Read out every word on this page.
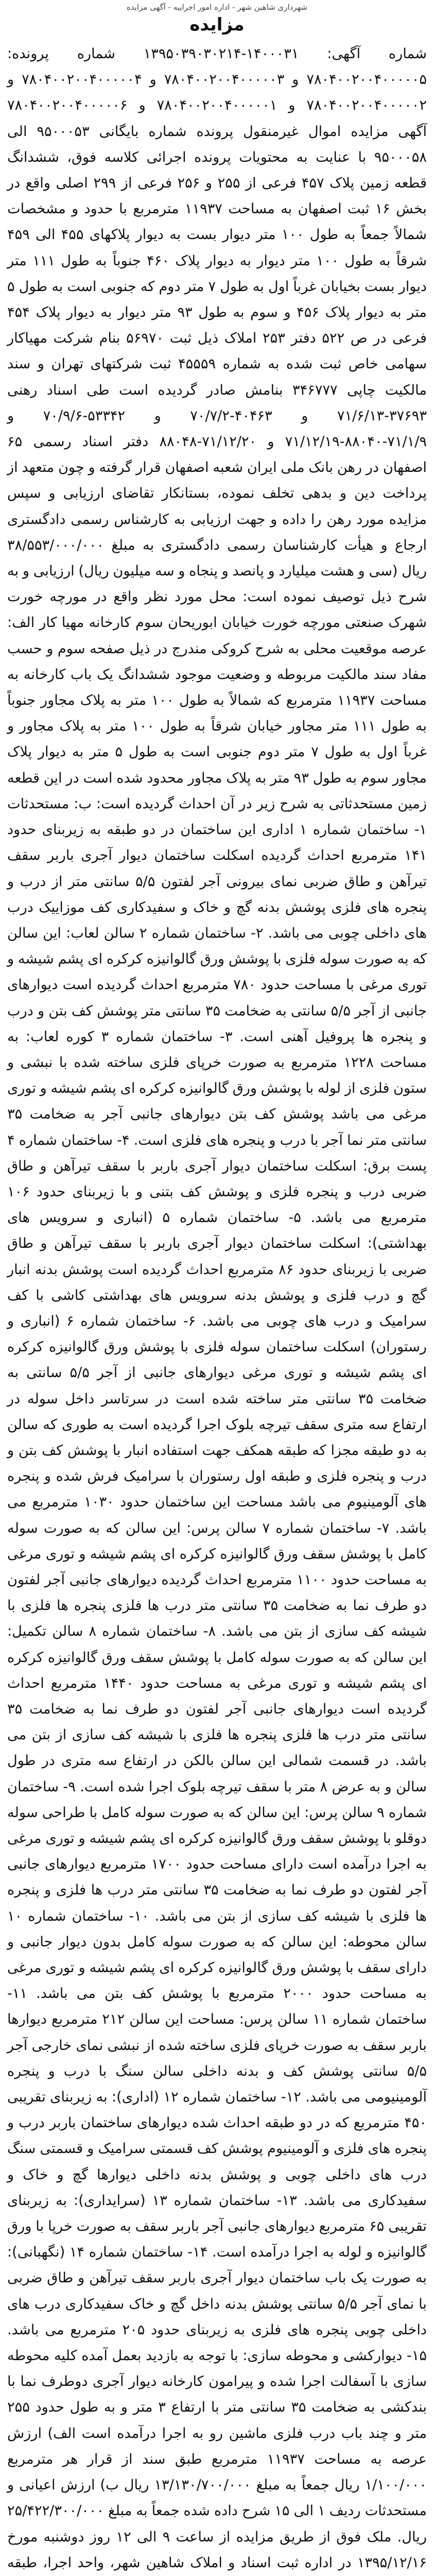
شهرداری شاهین شهر - اداره امور اجراییه - آگهی مزایده
مزایده

شماره آگهی: ۱۴۰۰۰۳۱-۱۳۹۵۰۳۹۰۳۰۲۱۴ شماره پرونده: ۷۸۰۴۰۰۲۰۰۴۰۰۰۰۰۵ و ۷۸۰۴۰۰۲۰۰۴۰۰۰۰۰۳ و ۷۸۰۴۰۰۲۰۰۴۰۰۰۰۰۴ و ۷۸۰۴۰۰۲۰۰۴۰۰۰۰۰۲ و ۷۸۰۴۰۰۲۰۰۴۰۰۰۰۰۱ و ۷۸۰۴۰۰۲۰۰۴۰۰۰۰۰۶ آگهی مزایده اموال غیرمنقول پرونده شماره بایگانی ۹۵۰۰۰۵۳ الی ۹۵۰۰۰۵۸ با عنایت به محتویات پرونده اجرائی کلاسه فوق، ششدانگ قطعه زمین پلاک ۴۵۷ فرعی از ۲۵۵ و ۲۵۶ فرعی از ۲۹۹ اصلی واقع در بخش ۱۶ ثبت اصفهان به مساحت ۱۱۹۳۷ مترمربع با حدود و مشخصات شمالاً جمعاً به طول ۱۰۰ متر دیوار بست به دیوار پلاکهای ۴۵۵ الی ۴۵۹ شرقاً به طول ۱۰۰ متر دیوار به دیوار پلاک ۴۶۰ جنوباً به طول ۱۱۱ متر دیوار بست بخیابان غرباً اول به طول ۷ متر دوم که جنوبی است به طول ۵ متر به دیوار پلاک ۴۵۶ و سوم به طول ۹۳ متر دیوار به دیوار پلاک ۴۵۴ فرعی در ص ۵۲۲ دفتر ۲۵۳ املاک ذیل ثبت ۵۶۹۷۰ بنام شرکت مهیاکار سهامی خاص ثبت شده به شماره ۴۵۵۵۹ ثبت شرکتهای تهران و سند مالکیت چاپی ۳۴۶۷۷۷ بنامش صادر گردیده است طی اسناد رهنی ۳۷۶۹۳-۷۱/۶/۱۳ و ۴۰۴۶۳-۷۰/۷/۲ و ۵۳۳۴۲-۷۰/۹/۶ و ۷۱/۱/۹-۸۸۰۴۰-۷۱/۱۲/۱۹ و ۷۱/۱۲/۲۰-۸۸۰۴۸ دفتر اسناد رسمی ۶۵ اصفهان در رهن بانک ملی ایران شعبه اصفهان قرار گرفته و چون متعهد از پرداخت دین و بدهی تخلف نموده، بستانکار تقاضای ارزیابی و سپس مزایده مورد رهن را داده و جهت ارزیابی به کارشناس رسمی دادگستری ارجاع و هیأت کارشناسان رسمی دادگستری به مبلغ ۳۸/۵۵۳/۰۰۰/۰۰۰ ریال (سی و هشت میلیارد و پانصد و پنجاه و سه میلیون ریال) ارزیابی و به شرح ذیل توصیف نموده است: محل مورد نظر واقع در مورچه خورت شهرک صنعتی مورچه خورت خیابان ابوریحان سوم کارخانه مهیا کار الف: عرصه موقعیت محلی به شرح کروکی مندرج در ذیل صفحه سوم و حسب مفاد سند مالکیت مربوطه و وضعیت موجود ششدانگ یک باب کارخانه به مساحت ۱۱۹۳۷ مترمربع که شمالاً به طول ۱۰۰ متر به پلاک مجاور جنوباً به طول ۱۱۱ متر مجاور خیابان شرقاً به طول ۱۰۰ متر به پلاک مجاور و غرباً اول به طول ۷ متر دوم جنوبی است به طول ۵ متر به دیوار پلاک مجاور سوم به طول ۹۳ متر به پلاک مجاور محدود شده است در این قطعه زمین مستحدثاتی به شرح زیر در آن احداث گردیده است: ب: مستحدثات ۱- ساختمان شماره ۱ اداری این ساختمان در دو طبقه به زیربنای حدود ۱۴۱ مترمربع احداث گردیده اسکلت ساختمان دیوار آجری باربر سقف تیرآهن و طاق ضربی نمای بیرونی آجر لفتون ۵/۵ سانتی متر از درب و پنجره های فلزی پوشش بدنه گچ و خاک و سفیدکاری کف موزاییک درب های داخلی چوبی می باشد. ۲- ساختمان شماره ۲ سالن لعاب: این سالن که به صورت سوله فلزی با پوشش ورق گالوانیزه کرکره ای پشم شیشه و توری مرغی با مساحت حدود ۷۸۰ مترمربع احداث گردیده است دیوارهای جانبی از آجر ۵/۵ سانتی به ضخامت ۳۵ سانتی متر پوشش کف بتن و درب و پنجره ها پروفیل آهنی است. ۳- ساختمان شماره ۳ کوره لعاب: به مساحت ۱۲۲۸ مترمربع به صورت خرپای فلزی ساخته شده با نبشی و ستون فلزی از لوله با پوشش ورق گالوانیزه کرکره ای پشم شیشه و توری مرغی می باشد پوشش کف بتن دیوارهای جانبی آجر به ضخامت ۳۵ سانتی متر نما آجر با درب و پنجره های فلزی است. ۴- ساختمان شماره ۴ پست برق: اسکلت ساختمان دیوار آجری باربر با سقف تیرآهن و طاق ضربی درب و پنجره فلزی و پوشش کف بتنی و با زیربنای حدود ۱۰۶ مترمربع می باشد. ۵- ساختمان شماره ۵ (انباری و سرویس های بهداشتی): اسکلت ساختمان دیوار آجری باربر با سقف تیرآهن و طاق ضربی با زیربنای حدود ۸۶ مترمربع احداث گردیده است پوشش بدنه انبار گچ و درب فلزی و پوشش بدنه سرویس های بهداشتی کاشی با کف سرامیک و درب های چوبی می باشد. ۶- ساختمان شماره ۶ (انباری و رستوران) اسکلت ساختمان سوله فلزی با پوشش ورق گالوانیزه کرکره ای پشم شیشه و توری مرغی دیوارهای جانبی از آجر ۵/۵ سانتی به ضخامت ۳۵ سانتی متر ساخته شده است در سرتاسر داخل سوله در ارتفاع سه متری سقف تیرچه بلوک اجرا گردیده است به طوری که سالن به دو طبقه مجزا که طبقه همکف جهت استفاده انبار با پوشش کف بتن و درب و پنجره فلزی و طبقه اول رستوران با سرامیک فرش شده و پنجره های آلومینیوم می باشد مساحت این ساختمان حدود ۱۰۳۰ مترمربع می باشد. ۷- ساختمان شماره ۷ سالن پرس: این سالن که به صورت سوله کامل با پوشش سقف ورق گالوانیزه کرکره ای پشم شیشه و توری مرغی به مساحت حدود ۱۱۰۰ مترمربع احداث گردیده دیوارهای جانبی آجر لفتون دو طرف نما به ضخامت ۳۵ سانتی متر درب ها فلزی پنجره ها فلزی با شیشه کف سازی از بتن می باشد. ۸- ساختمان شماره ۸ سالن تکمیل: این سالن که به صورت سوله کامل با پوشش سقف ورق گالوانیزه کرکره ای پشم شیشه و توری مرغی به مساحت حدود ۱۴۴۰ مترمربع احداث گردیده است دیوارهای جانبی آجر لفتون دو طرف نما به ضخامت ۳۵ سانتی متر درب ها فلزی پنجره ها فلزی با شیشه کف سازی از بتن می باشد. در قسمت شمالی این سالن بالکن در ارتفاع سه متری در طول سالن و به عرض ۸ متر با سقف تیرچه بلوک اجرا شده است. ۹- ساختمان شماره ۹ سالن پرس: این سالن که به صورت سوله کامل با طراحی سوله دوقلو با پوشش سقف ورق گالوانیزه کرکره ای پشم شیشه و توری مرغی به اجرا درآمده است دارای مساحت حدود ۱۷۰۰ مترمربع دیوارهای جانبی آجر لفتون دو طرف نما به ضخامت ۳۵ سانتی متر درب ها فلزی و پنجره ها فلزی با شیشه کف سازی از بتن می باشد. ۱۰- ساختمان شماره ۱۰ سالن محوطه: این سالن که به صورت سوله کامل بدون دیوار جانبی و دارای سقف با پوشش ورق گالوانیزه کرکره ای پشم شیشه و توری مرغی به مساحت حدود ۲۰۰۰ مترمربع با پوشش کف بتن می باشد. ۱۱- ساختمان شماره ۱۱ سالن پرس: مساحت این سالن ۲۱۲ مترمربع دیوارها باربر سقف به صورت خرپای فلزی ساخته شده از نبشی نمای خارجی آجر ۵/۵ سانتی پوشش کف و بدنه داخلی سالن سنگ با درب و پنجره آلومینیومی می باشد. ۱۲- ساختمان شماره ۱۲ (اداری): به زیربنای تقریبی ۴۵۰ مترمربع که در دو طبقه احداث شده دیوارهای ساختمان باربر درب و پنجره های فلزی و آلومینیوم پوشش کف قسمتی سرامیک و قسمتی سنگ درب های داخلی چوبی و پوشش بدنه داخلی دیوارها گچ و خاک و سفیدکاری می باشد. ۱۳- ساختمان شماره ۱۳ (سرایداری): به زیربنای تقریبی ۶۵ مترمربع دیوارهای جانبی آجر باربر سقف به صورت خرپا با ورق گالوانیزه و لوله به اجرا درآمده است. ۱۴- ساختمان شماره ۱۴ (نگهبانی): به صورت یک باب ساختمان دیوار آجری باربر سقف تیرآهن و طاق ضربی با نمای آجر ۵/۵ سانتی پوشش بدنه داخل گچ و خاک سفیدکاری درب های داخلی چوبی پنجره های فلزی به زیربنای حدود ۲۰۵ مترمربع می باشد. ۱۵- دیوارکشی و محوطه سازی: با توجه به بازدید بعمل آمده کلیه محوطه سازی با آسفالت اجرا شده و پیرامون کارخانه دیوار آجری دوطرف نما با بندکشی به ضخامت ۳۵ سانتی متر با ارتفاع ۳ متر و به طول حدود ۲۵۵ متر و چند باب درب فلزی ماشین رو به اجرا درآمده است الف) ارزش عرصه به مساحت ۱۱۹۳۷ مترمربع طبق سند از قرار هر مترمربع ۱/۱۰۰/۰۰۰ ریال جمعاً به مبلغ ۱۳/۱۳۰/۷۰۰/۰۰۰ ریال ب) ارزش اعیانی و مستحدثات ردیف ۱ الی ۱۵ شرح داده شده جمعاً به مبلغ ۲۵/۴۲۲/۳۰۰/۰۰۰ ریال. ملک فوق از طریق مزایده از ساعت ۹ الی ۱۲ روز دوشنبه مورخ ۱۳۹۵/۱۲/۱۶ در اداره ثبت اسناد و املاک شاهین شهر، واحد اجرا، طبقه
